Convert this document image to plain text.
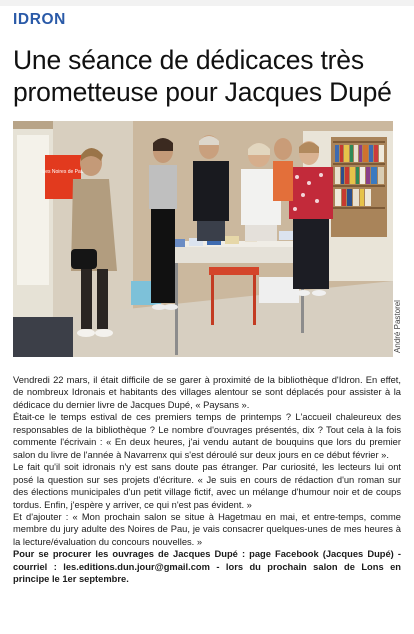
IDRON
Une séance de dédicaces très prometteuse pour Jacques Dupé
Les Noires de Pau
André Pastorel

Vendredi 22 mars, il était difficile de se garer à proximité de la bibliothèque d'Idron. En effet, de nombreux Idronais et habitants des villages alentour se sont déplacés pour assister à la dédicace du dernier livre de Jacques Dupé, « Paysans ».

Était-ce le temps estival de ces premiers temps de printemps ? L'accueil chaleureux des responsables de la bibliothèque ? Le nombre d'ouvrages présentés, dix ? Tout cela à la fois commente l'écrivain : « En deux heures, j'ai vendu autant de bouquins que lors du premier salon du livre de l'année à Navarrenx qui s'est déroulé sur deux jours en ce début février ».

Le fait qu'il soit idronais n'y est sans doute pas étranger. Par curiosité, les lecteurs lui ont posé la question sur ses projets d'écriture. « Je suis en cours de rédaction d'un roman sur des élections municipales d'un petit village fictif, avec un mélange d'humour noir et de coups tordus. Enfin, j'espère y arriver, ce qui n'est pas évident. »

Et d'ajouter : « Mon prochain salon se situe à Hagetmau en mai, et entre-temps, comme membre du jury adulte des Noires de Pau, je vais consacrer quelques-unes de mes heures à la lecture/évaluation du concours nouvelles. »

Pour se procurer les ouvrages de Jacques Dupé : page Facebook (Jacques Dupé) - courriel : les.editions.dun.jour@gmail.com - lors du prochain salon de Lons en principe le 1er septembre.
